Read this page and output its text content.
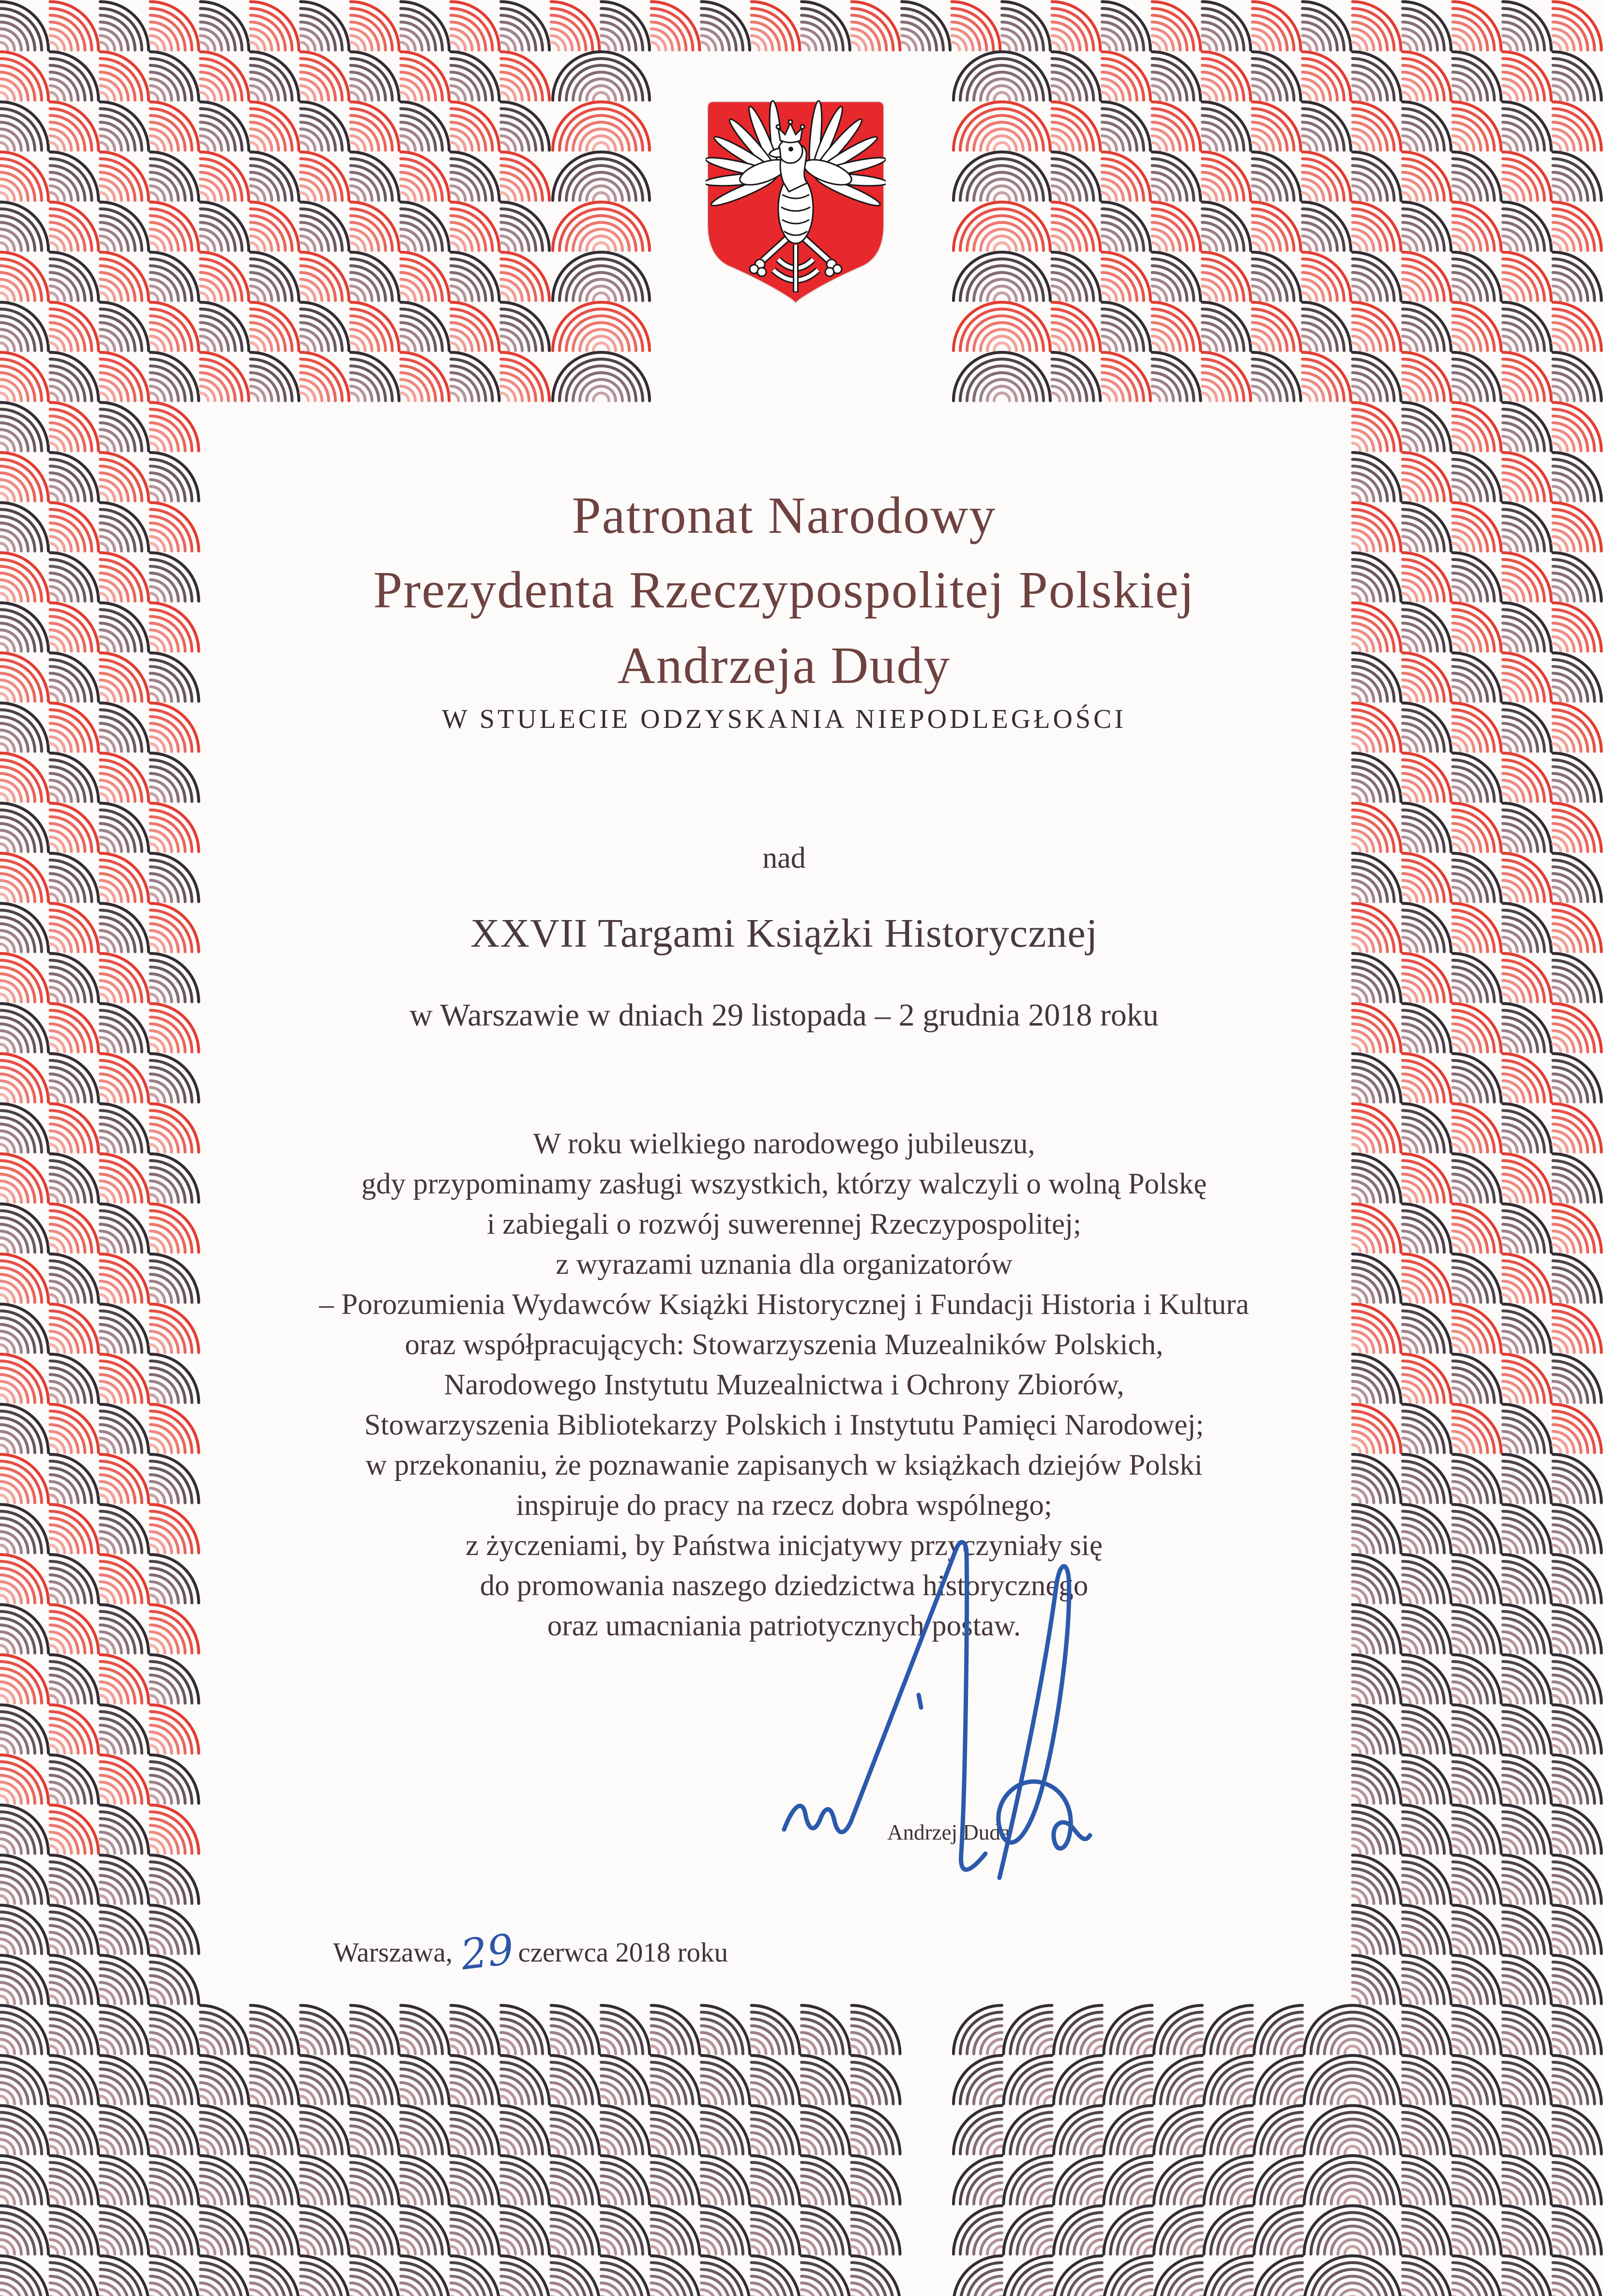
Patronat Narodowy
Prezydenta Rzeczypospolitej Polskiej
Andrzeja Dudy
W STULECIE ODZYSKANIA NIEPODLEGŁOŚCI
nad
XXVII Targami Książki Historycznej
w Warszawie w dniach 29 listopada – 2 grudnia 2018 roku
W roku wielkiego narodowego jubileuszu,
gdy przypominamy zasługi wszystkich, którzy walczyli o wolną Polskę
i zabiegali o rozwój suwerennej Rzeczypospolitej;
z wyrazami uznania dla organizatorów
– Porozumienia Wydawców Książki Historycznej i Fundacji Historia i Kultura
oraz współpracujących: Stowarzyszenia Muzealników Polskich,
Narodowego Instytutu Muzealnictwa i Ochrony Zbiorów,
Stowarzyszenia Bibliotekarzy Polskich i Instytutu Pamięci Narodowej;
w przekonaniu, że poznawanie zapisanych w książkach dziejów Polski
inspiruje do pracy na rzecz dobra wspólnego;
z życzeniami, by Państwa inicjatywy przyczyniały się
do promowania naszego dziedzictwa historycznego
oraz umacniania patriotycznych postaw.
Andrzej Duda
Warszawa, 29czerwca 2018 roku
